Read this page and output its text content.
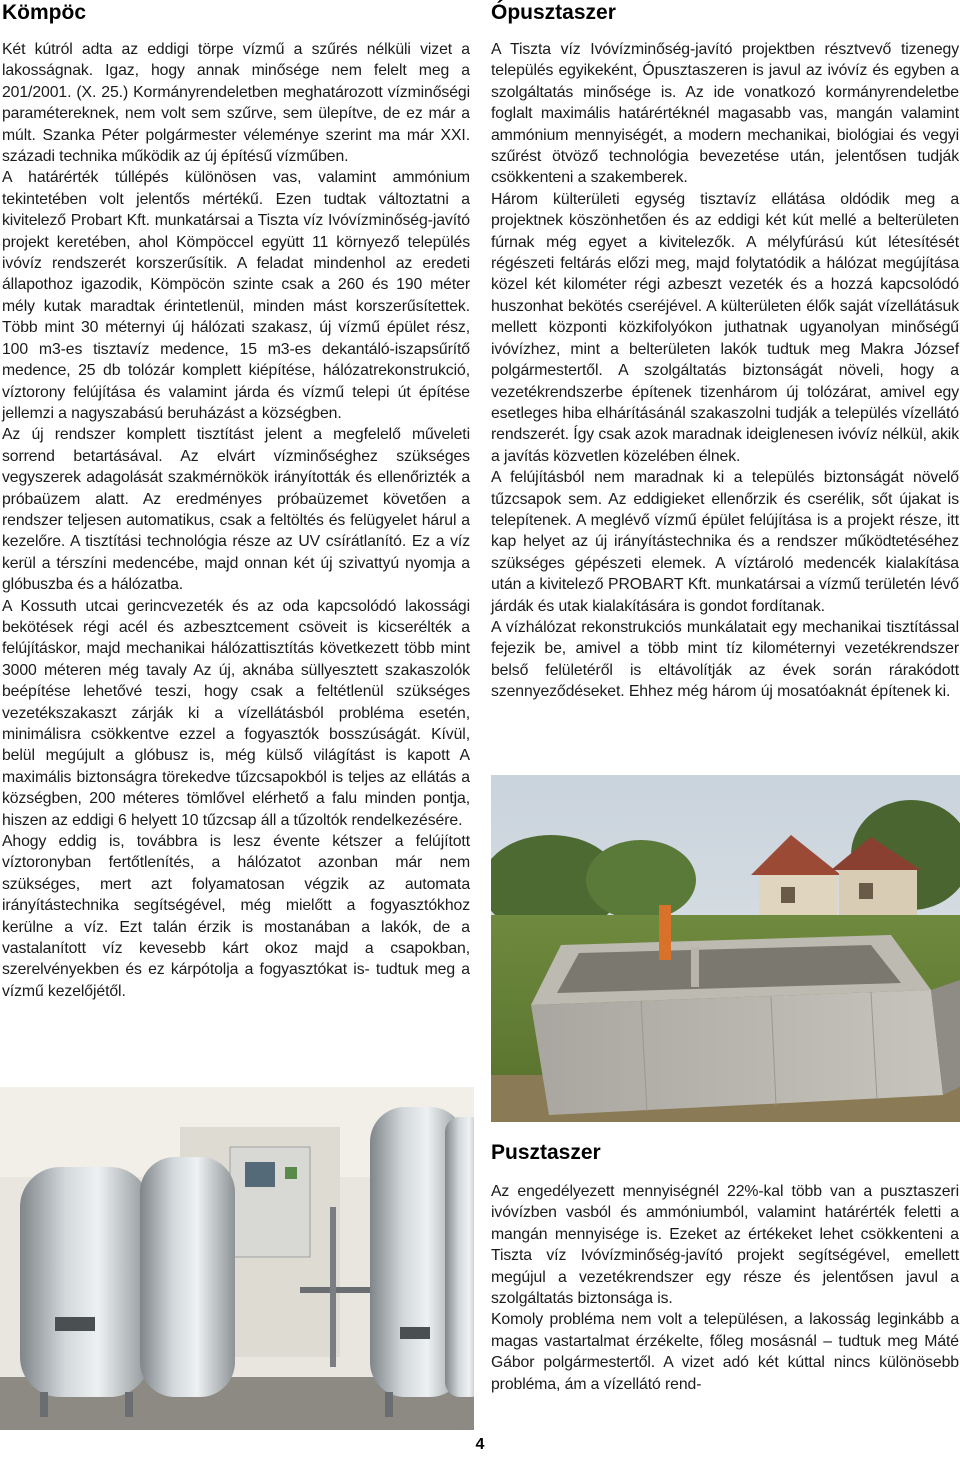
Kömpöc

Két kútról adta az eddigi törpe vízmű a szűrés nélküli vizet a lakosságnak. Igaz, hogy annak minősége nem felelt meg a 201/2001. (X. 25.) Kormányrendeletben meghatározott vízminőségi paramétereknek, nem volt sem szűrve, sem ülepítve, de ez már a múlt. Szanka Péter polgármester véleménye szerint ma már XXI. századi technika működik az új építésű vízműben.

A határérték túllépés különösen vas, valamint ammónium tekintetében volt jelentős mértékű. Ezen tudtak változtatni a kivitelező Probart Kft. munkatársai a Tiszta víz Ivóvízminőség-javító projekt keretében, ahol Kömpöccel együtt 11 környező település ivóvíz rendszerét korszerűsítik. A feladat mindenhol az eredeti állapothoz igazodik, Kömpöcön szinte csak a 260 és 190 méter mély kutak maradtak érintetlenül, minden mást korszerűsítettek. Több mint 30 méternyi új hálózati szakasz, új vízmű épület rész, 100 m3-es tisztavíz medence, 15 m3-es dekantáló-iszapsűrítő medence, 25 db tolózár komplett kiépítése, hálózatrekonstrukció, víztorony felújítása és valamint járda és vízmű telepi út építése jellemzi a nagyszabású beruházást a községben.

Az új rendszer komplett tisztítást jelent a megfelelő műveleti sorrend betartásával. Az elvárt vízminőséghez szükséges vegyszerek adagolását szakmérnökök irányították és ellenőrizték a próbaüzem alatt. Az eredményes próbaüzemet követően a rendszer teljesen automatikus, csak a feltöltés és felügyelet hárul a kezelőre. A tisztítási technológia része az UV csírátlanító. Ez a víz kerül a térszíni medencébe, majd onnan két új szivattyú nyomja a glóbuszba és a hálózatba.

A Kossuth utcai gerincvezeték és az oda kapcsolódó lakossági bekötések régi acél és azbesztcement csöveit is kicserélték a felújításkor, majd mechanikai hálózattisztítás következett több mint 3000 méteren még tavaly Az új, aknába süllyesztett szakaszolók beépítése lehetővé teszi, hogy csak a feltétlenül szükséges vezetékszakaszt zárják ki a vízellátásból probléma esetén, minimálisra csökkentve ezzel a fogyasztók bosszúságát. Kívül, belül megújult a glóbusz is, még külső világítást is kapott A maximális biztonságra törekedve tűzcsapokból is teljes az ellátás a községben, 200 méteres tömlővel elérhető a falu minden pontja, hiszen az eddigi 6 helyett 10 tűzcsap áll a tűzoltók rendelkezésére.

Ahogy eddig is, továbbra is lesz évente kétszer a felújított víztoronyban fertőtlenítés, a hálózatot azonban már nem szükséges, mert azt folyamatosan végzik az automata irányítástechnika segítségével, még mielőtt a fogyasztókhoz kerülne a víz. Ezt talán érzik is mostanában a lakók, de a vastalanított víz kevesebb kárt okoz majd a csapokban, szerelvényekben és ez kárpótolja a fogyasztókat is- tudtuk meg a vízmű kezelőjétől.

Ópusztaszer

A Tiszta víz Ivóvízminőség-javító projektben résztvevő tizenegy település egyikeként, Ópusztaszeren is javul az ivóvíz és egyben a szolgáltatás minősége is. Az ide vonatkozó kormányrendeletbe foglalt maximális határértéknél magasabb vas, mangán valamint ammónium mennyiségét, a modern mechanikai, biológiai és vegyi szűrést ötvöző technológia bevezetése után, jelentősen tudják csökkenteni a szakemberek.

Három külterületi egység tisztavíz ellátása oldódik meg a projektnek köszönhetően és az eddigi két kút mellé a belterületen fúrnak még egyet a kivitelezők. A mélyfúrású kút létesítését régészeti feltárás előzi meg, majd folytatódik a hálózat megújítása közel két kilométer régi azbeszt vezeték és a hozzá kapcsolódó huszonhat bekötés cseréjével. A külterületen élők saját vízellátásuk mellett központi közkifolyókon juthatnak ugyanolyan minőségű ivóvízhez, mint a belterületen lakók tudtuk meg Makra József polgármestertől. A szolgáltatás biztonságát növeli, hogy a vezetékrendszerbe építenek tizenhárom új tolózárat, amivel egy esetleges hiba elhárításánál szakaszolni tudják a település vízellátó rendszerét. Így csak azok maradnak ideiglenesen ivóvíz nélkül, akik a javítás közvetlen közelében élnek.

A felújításból nem maradnak ki a település biztonságát növelő tűzcsapok sem. Az eddigieket ellenőrzik és cserélik, sőt újakat is telepítenek. A meglévő vízmű épület felújítása is a projekt része, itt kap helyet az új irányítástechnika és a rendszer működtetéséhez szükséges gépészeti elemek. A víztároló medencék kialakítása után a kivitelező PROBART Kft. munkatársai a vízmű területén lévő járdák és utak kialakítására is gondot fordítanak.

A vízhálózat rekonstrukciós munkálatait egy mechanikai tisztítással fejezik be, amivel a több mint tíz kilométernyi vezetékrendszer belső felületéről is eltávolítják az évek során rárakódott szennyeződéseket. Ehhez még három új mosatóaknát építenek ki.

Pusztaszer

Az engedélyezett mennyiségnél 22%-kal több van a pusztaszeri ivóvízben vasból és ammóniumból, valamint határérték feletti a mangán mennyisége is. Ezeket az értékeket lehet csökkenteni a Tiszta víz Ivóvízminőség-javító projekt segítségével, emellett megújul a vezetékrendszer egy része és jelentősen javul a szolgáltatás biztonsága is.

Komoly probléma nem volt a településen, a lakosság leginkább a magas vastartalmat érzékelte, főleg mosásnál – tudtuk meg Máté Gábor polgármestertől. A vizet adó két kúttal nincs különösebb probléma, ám a vízellátó rend-

4
